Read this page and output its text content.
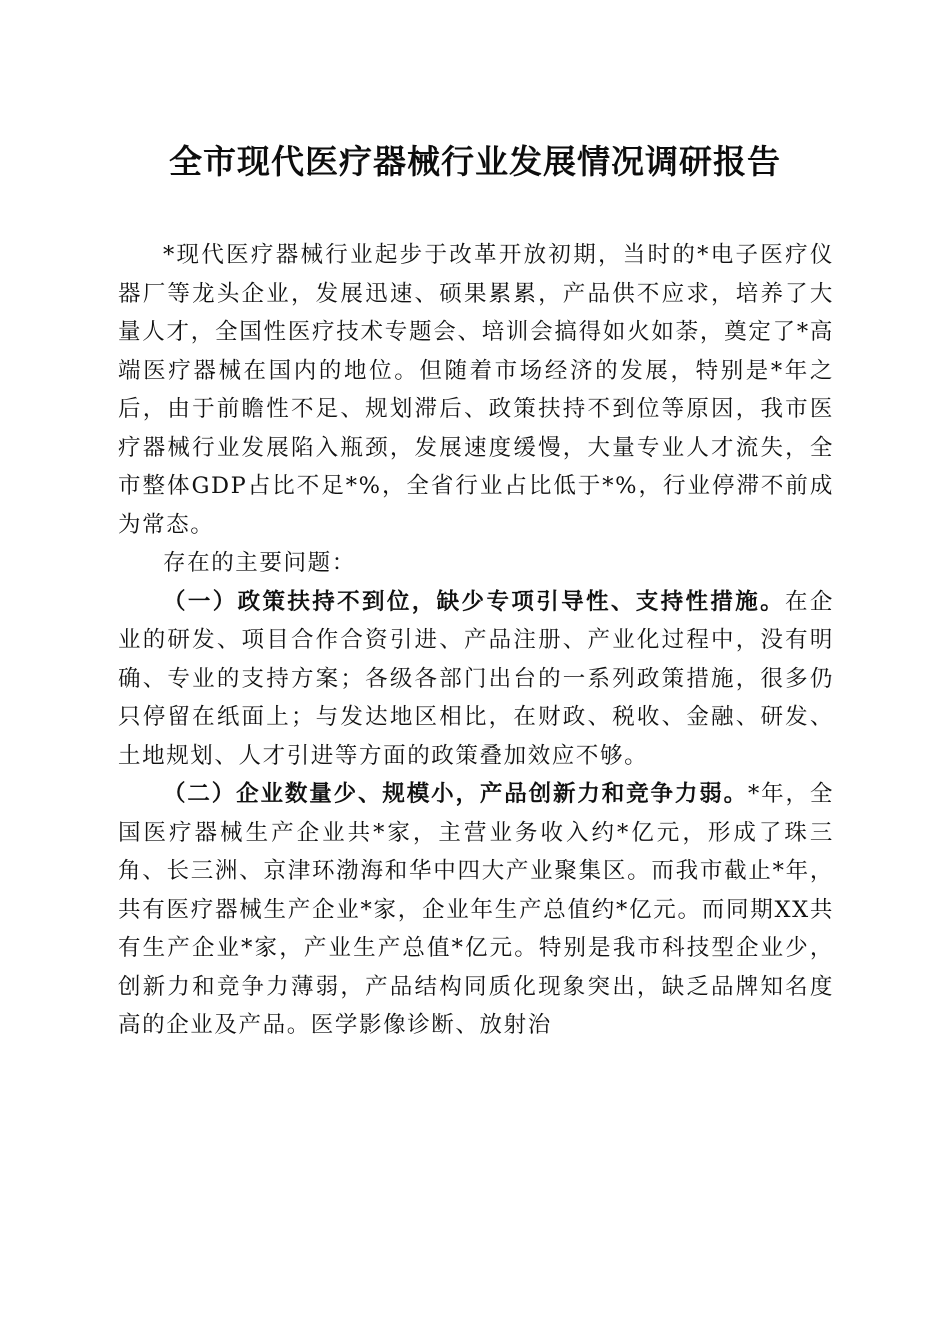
全市现代医疗器械行业发展情况调研报告

*现代医疗器械行业起步于改革开放初期，当时的*电子医疗仪器厂等龙头企业，发展迅速、硕果累累，产品供不应求，培养了大量人才，全国性医疗技术专题会、培训会搞得如火如荼，奠定了*高端医疗器械在国内的地位。但随着市场经济的发展，特别是*年之后，由于前瞻性不足、规划滞后、政策扶持不到位等原因，我市医疗器械行业发展陷入瓶颈，发展速度缓慢，大量专业人才流失，全市整体GDP占比不足*%，全省行业占比低于*%，行业停滞不前成为常态。

存在的主要问题：

（一）政策扶持不到位，缺少专项引导性、支持性措施。在企业的研发、项目合作合资引进、产品注册、产业化过程中，没有明确、专业的支持方案；各级各部门出台的一系列政策措施，很多仍只停留在纸面上；与发达地区相比，在财政、税收、金融、研发、土地规划、人才引进等方面的政策叠加效应不够。

（二）企业数量少、规模小，产品创新力和竞争力弱。*年，全国医疗器械生产企业共*家，主营业务收入约*亿元，形成了珠三角、长三洲、京津环渤海和华中四大产业聚集区。而我市截止*年，共有医疗器械生产企业*家，企业年生产总值约*亿元。而同期XX共有生产企业*家，产业生产总值*亿元。特别是我市科技型企业少，创新力和竞争力薄弱，产品结构同质化现象突出，缺乏品牌知名度高的企业及产品。医学影像诊断、放射治
